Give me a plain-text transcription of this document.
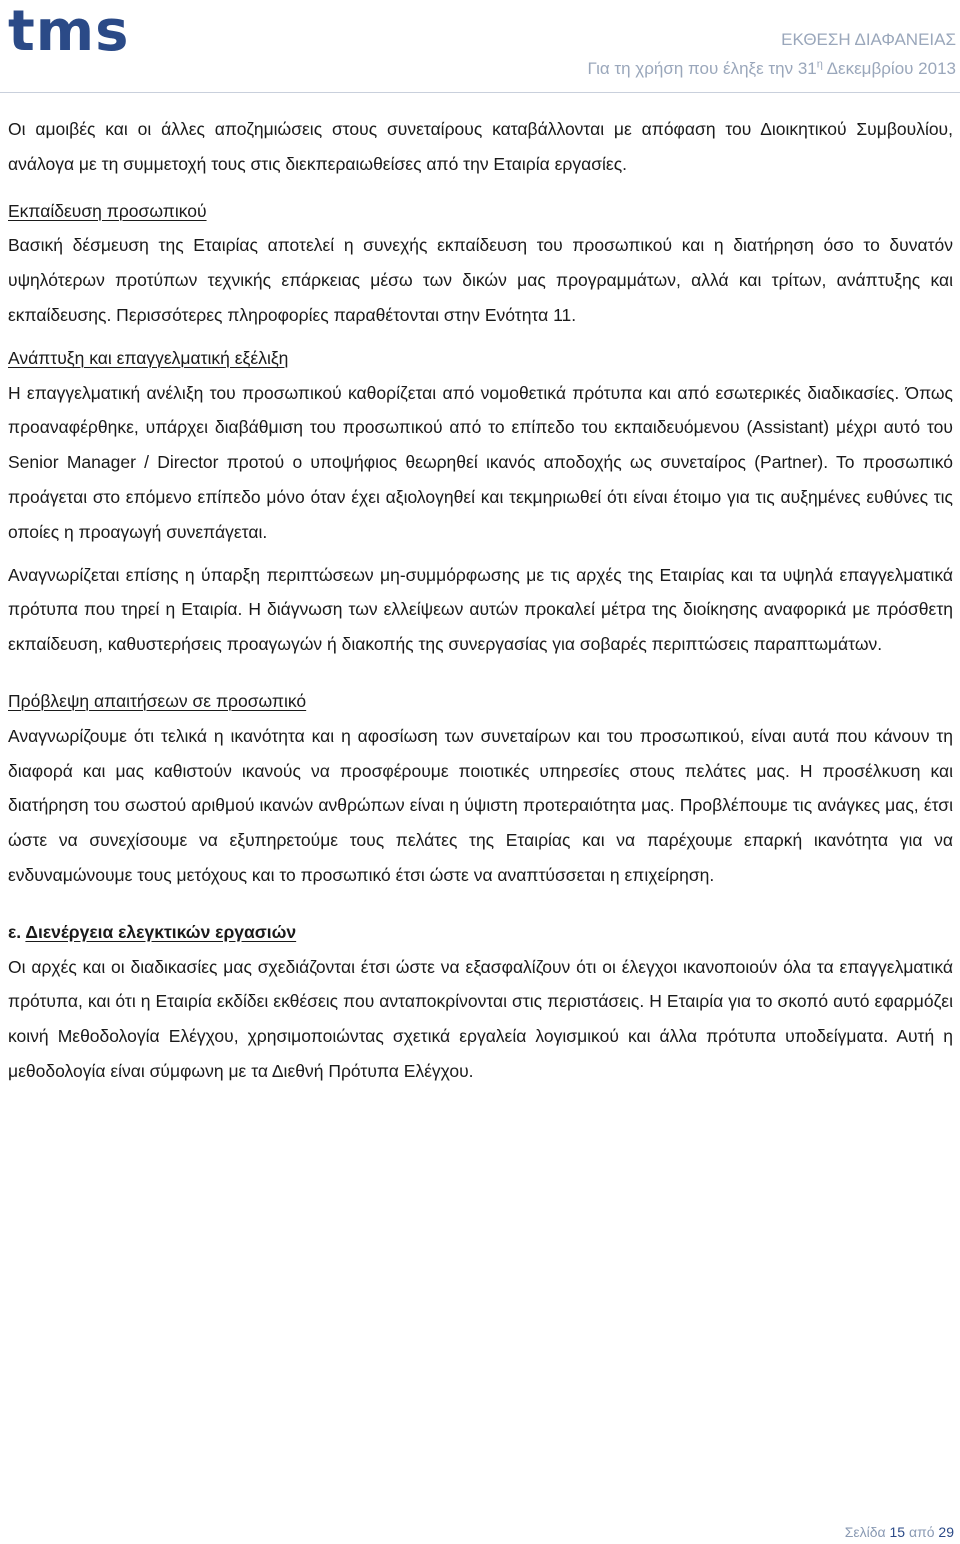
tms	ΕΚΘΕΣΗ ΔΙΑΦΑΝΕΙΑΣ
Για τη χρήση που έληξε την $31^\eta$ Δεκεμβρίου 2013

Οι αμοιβές και οι άλλες αποζημιώσεις στους συνεταίρους καταβάλλονται με απόφαση του Διοικητικού Συμβουλίου, ανάλογα με τη συμμετοχή τους στις διεκπεραιωθείσες από την Εταιρία εργασίες.

Εκπαίδευση προσωπικού

Βασική δέσμευση της Εταιρίας αποτελεί η συνεχής εκπαίδευση του προσωπικού και η διατήρηση όσο το δυνατόν υψηλότερων προτύπων τεχνικής επάρκειας μέσω των δικών μας προγραμμάτων, αλλά και τρίτων, ανάπτυξης και εκπαίδευσης. Περισσότερες πληροφορίες παραθέτονται στην Ενότητα 11.

Ανάπτυξη και επαγγελματική εξέλιξη

Η επαγγελματική ανέλιξη του προσωπικού καθορίζεται από νομοθετικά πρότυπα και από εσωτερικές διαδικασίες. Όπως προαναφέρθηκε, υπάρχει διαβάθμιση του προσωπικού από το επίπεδο του εκπαιδευόμενου (Assistant) μέχρι αυτό του Senior Manager / Director προτού ο υποψήφιος θεωρηθεί ικανός αποδοχής ως συνεταίρος (Partner). Το προσωπικό προάγεται στο επόμενο επίπεδο μόνο όταν έχει αξιολογηθεί και τεκμηριωθεί ότι είναι έτοιμο για τις αυξημένες ευθύνες τις οποίες η προαγωγή συνεπάγεται.

Αναγνωρίζεται επίσης η ύπαρξη περιπτώσεων μη-συμμόρφωσης με τις αρχές της Εταιρίας και τα υψηλά επαγγελματικά πρότυπα που τηρεί η Εταιρία. Η διάγνωση των ελλείψεων αυτών προκαλεί μέτρα της διοίκησης αναφορικά με πρόσθετη εκπαίδευση, καθυστερήσεις προαγωγών ή διακοπής της συνεργασίας για σοβαρές περιπτώσεις παραπτωμάτων.

Πρόβλεψη απαιτήσεων σε προσωπικό

Αναγνωρίζουμε ότι τελικά η ικανότητα και η αφοσίωση των συνεταίρων και του προσωπικού, είναι αυτά που κάνουν τη διαφορά και μας καθιστούν ικανούς να προσφέρουμε ποιοτικές υπηρεσίες στους πελάτες μας. Η προσέλκυση και διατήρηση του σωστού αριθμού ικανών ανθρώπων είναι η ύψιστη προτεραιότητα μας. Προβλέπουμε τις ανάγκες μας, έτσι ώστε να συνεχίσουμε να εξυπηρετούμε τους πελάτες της Εταιρίας και να παρέχουμε επαρκή ικανότητα για να ενδυναμώνουμε τους μετόχους και το προσωπικό έτσι ώστε να αναπτύσσεται η επιχείρηση.

ε. Διενέργεια ελεγκτικών εργασιών

Οι αρχές και οι διαδικασίες μας σχεδιάζονται έτσι ώστε να εξασφαλίζουν ότι οι έλεγχοι ικανοποιούν όλα τα επαγγελματικά πρότυπα, και ότι η Εταιρία εκδίδει εκθέσεις που ανταποκρίνονται στις περιστάσεις. Η Εταιρία για το σκοπό αυτό εφαρμόζει κοινή Μεθοδολογία Ελέγχου, χρησιμοποιώντας σχετικά εργαλεία λογισμικού και άλλα πρότυπα υποδείγματα. Αυτή η μεθοδολογία είναι σύμφωνη με τα Διεθνή Πρότυπα Ελέγχου.

Σελίδα 15 από 29
